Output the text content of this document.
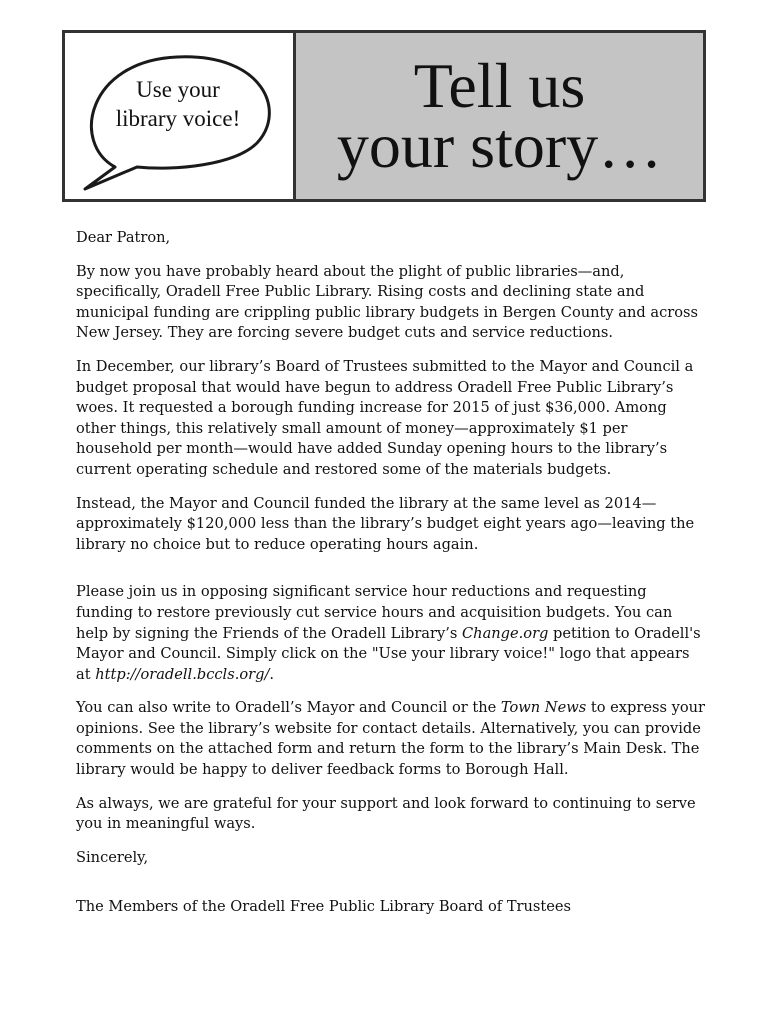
Use your
library voice!	Tell us
your story…

Dear Patron,

By now you have probably heard about the plight of public libraries—and, specifically, Oradell Free Public Library. Rising costs and declining state and municipal funding are crippling public library budgets in Bergen County and across New Jersey. They are forcing severe budget cuts and service reductions.

In December, our library’s Board of Trustees submitted to the Mayor and Council a budget proposal that would have begun to address Oradell Free Public Library’s woes. It requested a borough funding increase for 2015 of just $36,000. Among other things, this relatively small amount of money—approximately $1 per household per month—would have added Sunday opening hours to the library’s current operating schedule and restored some of the materials budgets.

Instead, the Mayor and Council funded the library at the same level as 2014—approximately $120,000 less than the library’s budget eight years ago—leaving the library no choice but to reduce operating hours again.

Please join us in opposing significant service hour reductions and requesting funding to restore previously cut service hours and acquisition budgets. You can help by signing the Friends of the Oradell Library’s Change.org petition to Oradell's Mayor and Council. Simply click on the "Use your library voice!" logo that appears at http://oradell.bccls.org/.

You can also write to Oradell’s Mayor and Council or the Town News to express your opinions. See the library’s website for contact details. Alternatively, you can provide comments on the attached form and return the form to the library’s Main Desk. The library would be happy to deliver feedback forms to Borough Hall.

As always, we are grateful for your support and look forward to continuing to serve you in meaningful ways.

Sincerely,

The Members of the Oradell Free Public Library Board of Trustees
